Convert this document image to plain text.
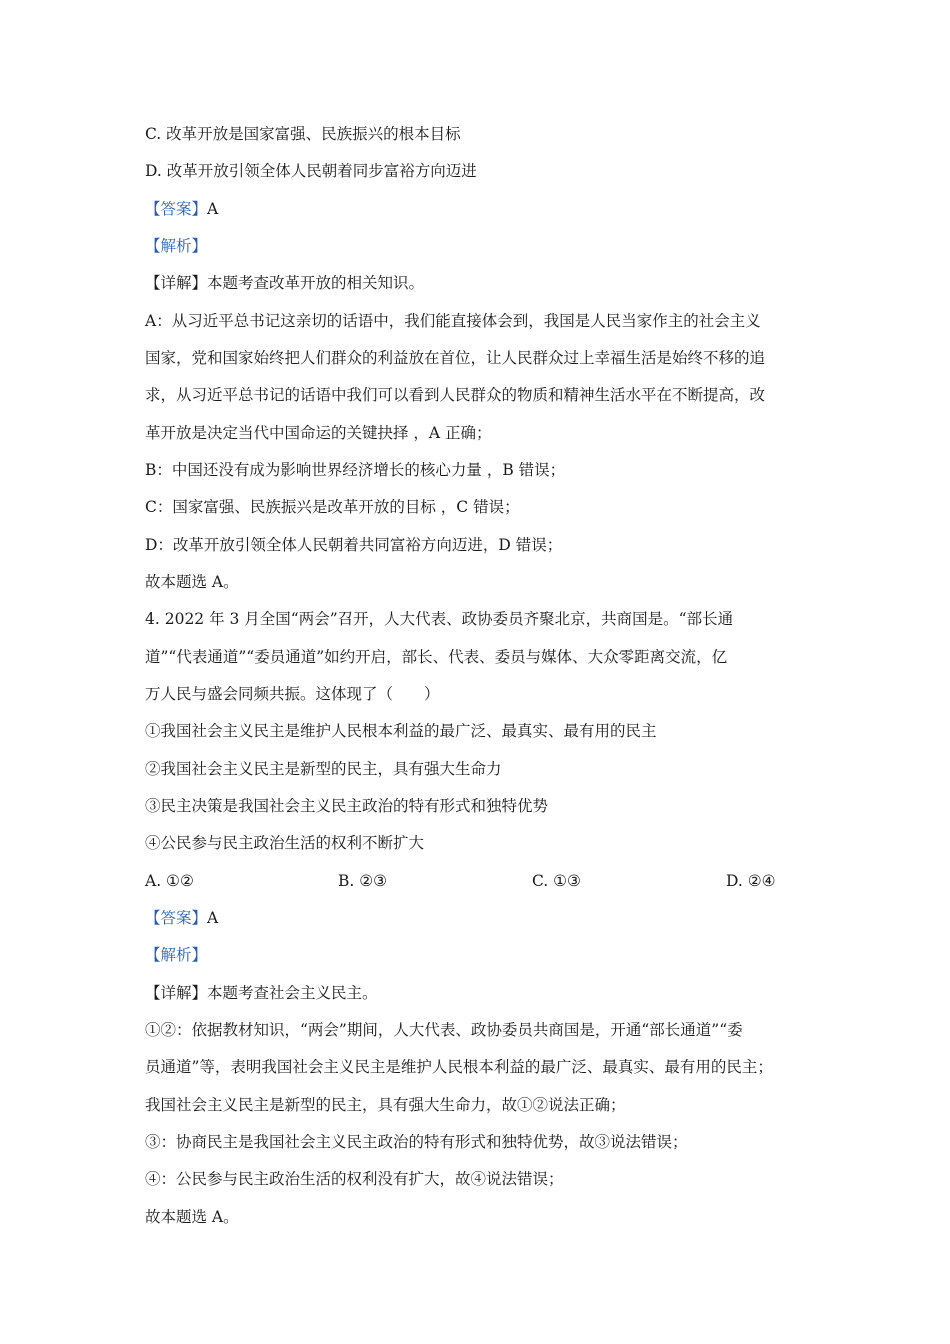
C. 改革开放是国家富强、民族振兴的根本目标
D. 改革开放引领全体人民朝着同步富裕方向迈进
【答案】A
【解析】
【详解】本题考查改革开放的相关知识。
A：从习近平总书记这亲切的话语中，我们能直接体会到，我国是人民当家作主的社会主义
国家，党和国家始终把人们群众的利益放在首位，让人民群众过上幸福生活是始终不移的追
求，从习近平总书记的话语中我们可以看到人民群众的物质和精神生活水平在不断提高，改
革开放是决定当代中国命运的关键抉择 ，A 正确；
B：中国还没有成为影响世界经济增长的核心力量 ，B 错误；
C：国家富强、民族振兴是改革开放的目标 ，C 错误；
D：改革开放引领全体人民朝着共同富裕方向迈进，D 错误；
故本题选 A。
4. 2022 年 3 月全国“两会”召开，人大代表、政协委员齐聚北京，共商国是。“部长通
道”“代表通道”“委员通道”如约开启，部长、代表、委员与媒体、大众零距离交流，亿
万人民与盛会同频共振。这体现了（　　）
①我国社会主义民主是维护人民根本利益的最广泛、最真实、最有用的民主
②我国社会主义民主是新型的民主，具有强大生命力
③民主决策是我国社会主义民主政治的特有形式和独特优势
④公民参与民主政治生活的权利不断扩大
A. ①②	B. ②③	C. ①③	D. ②④
【答案】A
【解析】
【详解】本题考查社会主义民主。
①②：依据教材知识，“两会”期间，人大代表、政协委员共商国是，开通“部长通道”“委
员通道”等，表明我国社会主义民主是维护人民根本利益的最广泛、最真实、最有用的民主；
我国社会主义民主是新型的民主，具有强大生命力，故①②说法正确；
③：协商民主是我国社会主义民主政治的特有形式和独特优势，故③说法错误；
④：公民参与民主政治生活的权利没有扩大，故④说法错误；
故本题选 A。
